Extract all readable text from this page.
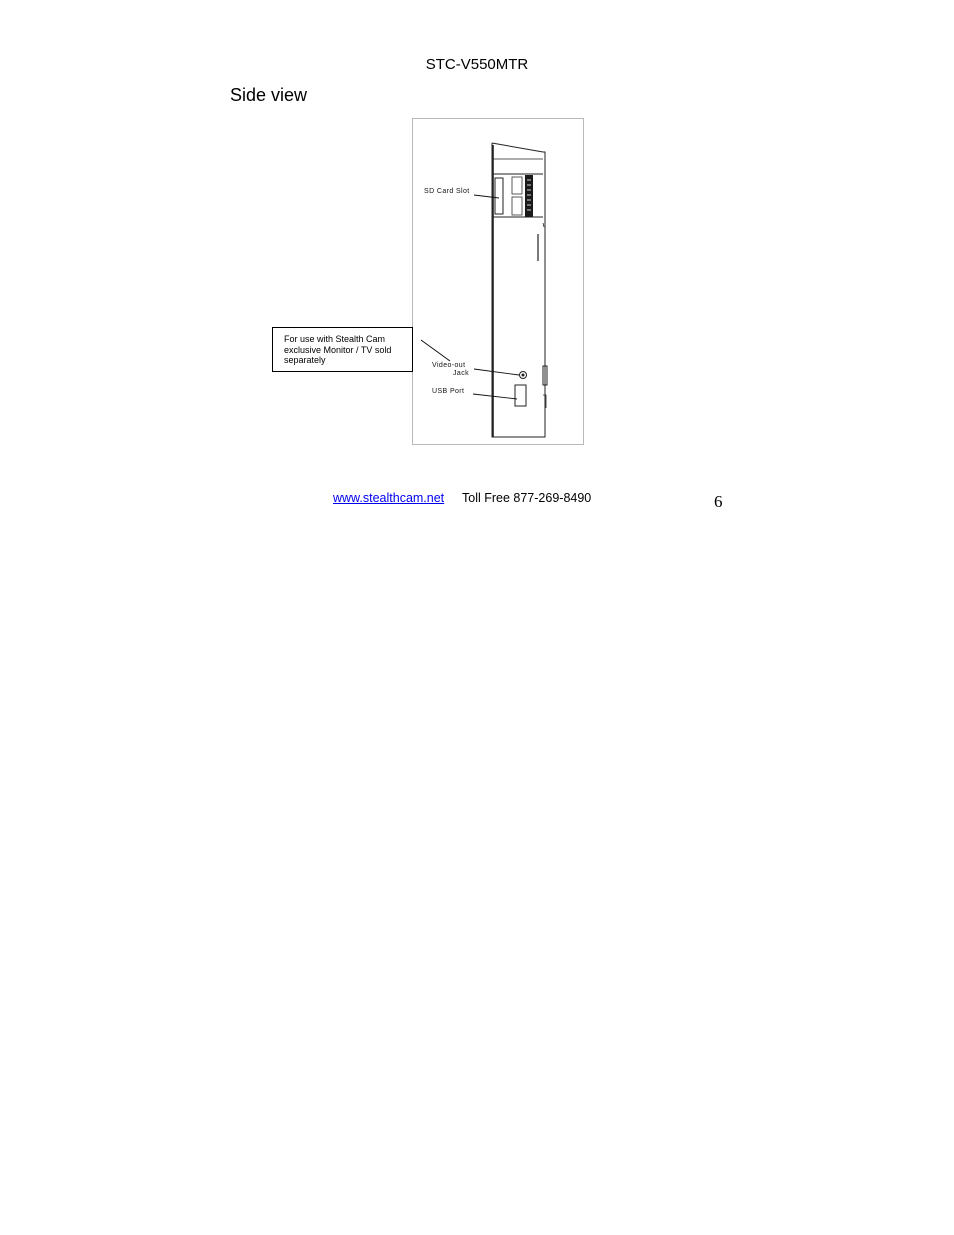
STC-V550MTR
Side view
SD Card Slot
Video-out
Jack
USB Port
For use with Stealth Cam
exclusive Monitor / TV sold
separately
www.stealthcam.net Toll Free 877-269-8490	6
